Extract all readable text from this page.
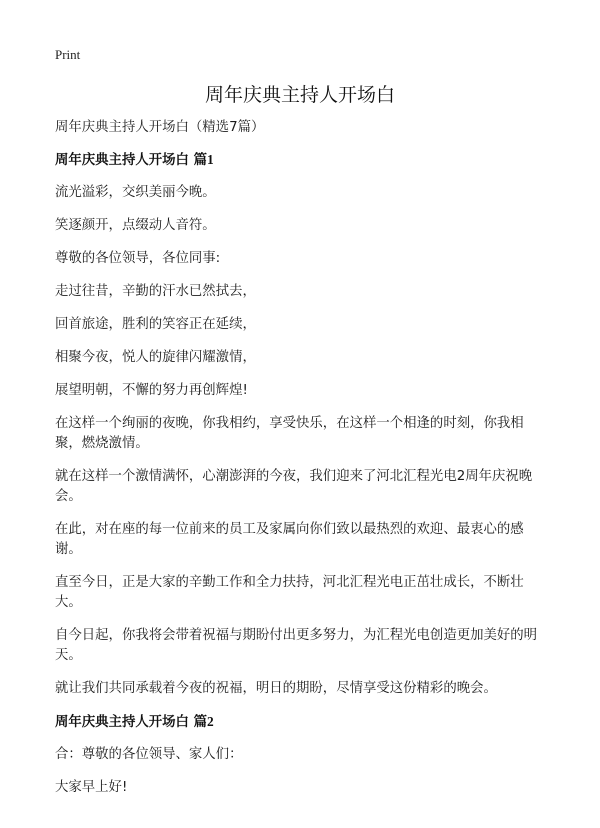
Print
周年庆典主持人开场白

周年庆典主持人开场白（精选7篇）

周年庆典主持人开场白 篇1

流光溢彩，交织美丽今晚。

笑逐颜开，点缀动人音符。

尊敬的各位领导，各位同事:

走过往昔，辛勤的汗水已然拭去，

回首旅途，胜利的笑容正在延续，

相聚今夜，悦人的旋律闪耀激情，

展望明朝，不懈的努力再创辉煌!

在这样一个绚丽的夜晚，你我相约，享受快乐，在这样一个相逢的时刻，你我相聚，燃烧激情。

就在这样一个激情满怀，心潮澎湃的今夜，我们迎来了河北汇程光电2周年庆祝晚会。

在此，对在座的每一位前来的员工及家属向你们致以最热烈的欢迎、最衷心的感谢。

直至今日，正是大家的辛勤工作和全力扶持，河北汇程光电正茁壮成长，不断壮大。

自今日起，你我将会带着祝福与期盼付出更多努力，为汇程光电创造更加美好的明天。

就让我们共同承载着今夜的祝福，明日的期盼，尽情享受这份精彩的晚会。

周年庆典主持人开场白 篇2

合：尊敬的各位领导、家人们：

大家早上好!
